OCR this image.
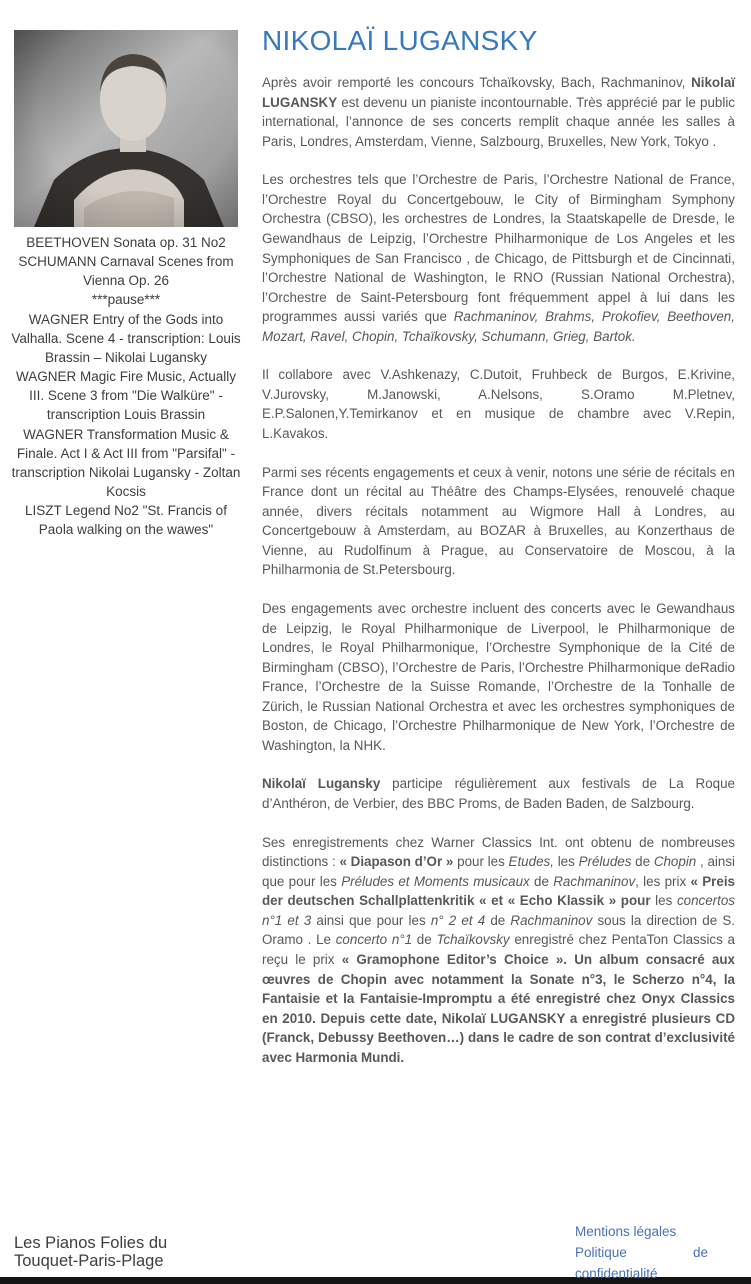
BEETHOVEN Sonata op. 31 No2
SCHUMANN Carnaval Scenes from Vienna Op. 26
***pause***
WAGNER Entry of the Gods into Valhalla. Scene 4 - transcription: Louis Brassin – Nikolai Lugansky
WAGNER Magic Fire Music, Actually III. Scene 3 from "Die Walküre" - transcription Louis Brassin
WAGNER Transformation Music & Finale. Act I & Act III from "Parsifal" - transcription Nikolai Lugansky - Zoltan Kocsis
LISZT Legend No2 "St. Francis of Paola walking on the wawes"
NIKOLAÏ LUGANSKY

Après avoir remporté les concours Tchaïkovsky, Bach, Rachmaninov, Nikolaï LUGANSKY est devenu un pianiste incontournable. Très apprécié par le public international, l’annonce de ses concerts remplit chaque année les salles à Paris, Londres, Amsterdam, Vienne, Salzbourg, Bruxelles, New York, Tokyo .

Les orchestres tels que l’Orchestre de Paris, l’Orchestre National de France, l’Orchestre Royal du Concertgebouw, le City of Birmingham Symphony Orchestra (CBSO), les orchestres de Londres, la Staatskapelle de Dresde, le Gewandhaus de Leipzig, l’Orchestre Philharmonique de Los Angeles et les Symphoniques de San Francisco , de Chicago, de Pittsburgh et de Cincinnati, l’Orchestre National de Washington, le RNO (Russian National Orchestra), l’Orchestre de Saint-Petersbourg font fréquemment appel à lui dans les programmes aussi variés que Rachmaninov, Brahms, Prokofiev, Beethoven, Mozart, Ravel, Chopin, Tchaïkovsky, Schumann, Grieg, Bartok.

Il collabore avec V.Ashkenazy, C.Dutoit, Fruhbeck de Burgos, E.Krivine, V.Jurovsky, M.Janowski, A.Nelsons, S.Oramo M.Pletnev, E.P.Salonen,Y.Temirkanov et en musique de chambre avec V.Repin, L.Kavakos.

Parmi ses récents engagements et ceux à venir, notons une série de récitals en France dont un récital au Théâtre des Champs-Elysées, renouvelé chaque année, divers récitals notamment au Wigmore Hall à Londres, au Concertgebouw à Amsterdam, au BOZAR à Bruxelles, au Konzerthaus de Vienne, au Rudolfinum à Prague, au Conservatoire de Moscou, à la Philharmonia de St.Petersbourg.

Des engagements avec orchestre incluent des concerts avec le Gewandhaus de Leipzig, le Royal Philharmonique de Liverpool, le Philharmonique de Londres, le Royal Philharmonique, l’Orchestre Symphonique de la Cité de Birmingham (CBSO), l’Orchestre de Paris, l’Orchestre Philharmonique deRadio France, l’Orchestre de la Suisse Romande, l’Orchestre de la Tonhalle de Zürich, le Russian National Orchestra et avec les orchestres symphoniques de Boston, de Chicago, l’Orchestre Philharmonique de New York, l’Orchestre de Washington, la NHK.

Nikolaï Lugansky participe régulièrement aux festivals de La Roque d’Anthéron, de Verbier, des BBC Proms, de Baden Baden, de Salzbourg.

Ses enregistrements chez Warner Classics Int. ont obtenu de nombreuses distinctions : « Diapason d’Or » pour les Etudes, les Préludes de Chopin , ainsi que pour les Préludes et Moments musicaux de Rachmaninov, les prix « Preis der deutschen Schallplattenkritik « et « Echo Klassik » pour les concertos n°1 et 3 ainsi que pour les n° 2 et 4 de Rachmaninov sous la direction de S. Oramo . Le concerto n°1 de Tchaïkovsky enregistré chez PentaTon Classics a reçu le prix « Gramophone Editor’s Choice ». Un album consacré aux œuvres de Chopin avec notamment la Sonate n°3, le Scherzo n°4, la Fantaisie et la Fantaisie-Impromptu a été enregistré chez Onyx Classics en 2010. Depuis cette date, Nikolaï LUGANSKY a enregistré plusieurs CD (Franck, Debussy Beethoven…) dans le cadre de son contrat d’exclusivité avec Harmonia Mundi.

Les Pianos Folies du Touquet-Paris-Plage
Mentions légales
Politique de confidentialité
